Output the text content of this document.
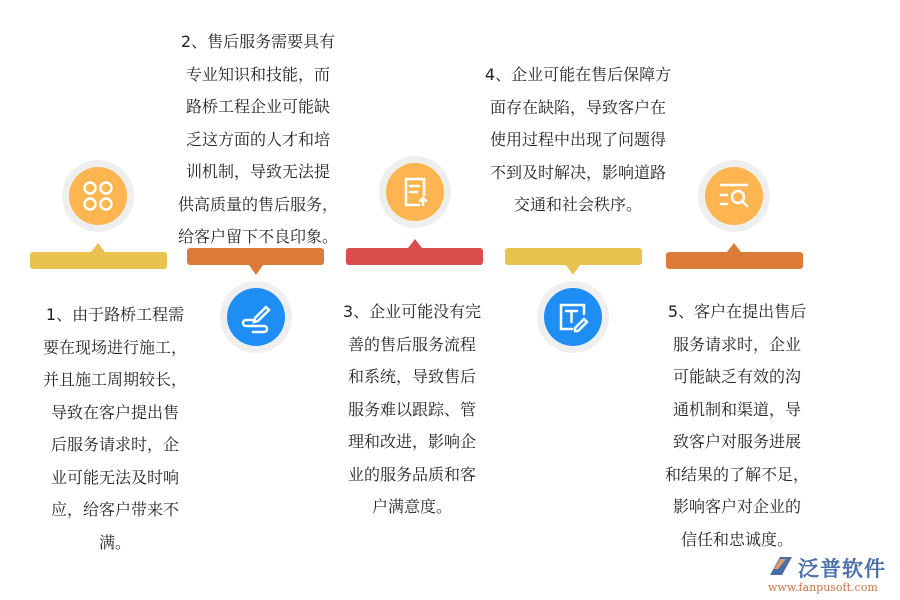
1、由于路桥工程需
要在现场进行施工，
并且施工周期较长，
导致在客户提出售
后服务请求时，企
业可能无法及时响
应，给客户带来不
满。
2、售后服务需要具有
专业知识和技能，而
路桥工程企业可能缺
乏这方面的人才和培
训机制，导致无法提
供高质量的售后服务，
给客户留下不良印象。
3、企业可能没有完
善的售后服务流程
和系统，导致售后
服务难以跟踪、管
理和改进，影响企
业的服务品质和客
户满意度。
4、企业可能在售后保障方
面存在缺陷，导致客户在
使用过程中出现了问题得
不到及时解决，影响道路
交通和社会秩序。
5、客户在提出售后
服务请求时，企业
可能缺乏有效的沟
通机制和渠道，导
致客户对服务进展
和结果的了解不足，
影响客户对企业的
信任和忠诚度。
泛普软件
www.fanpusoft.com
